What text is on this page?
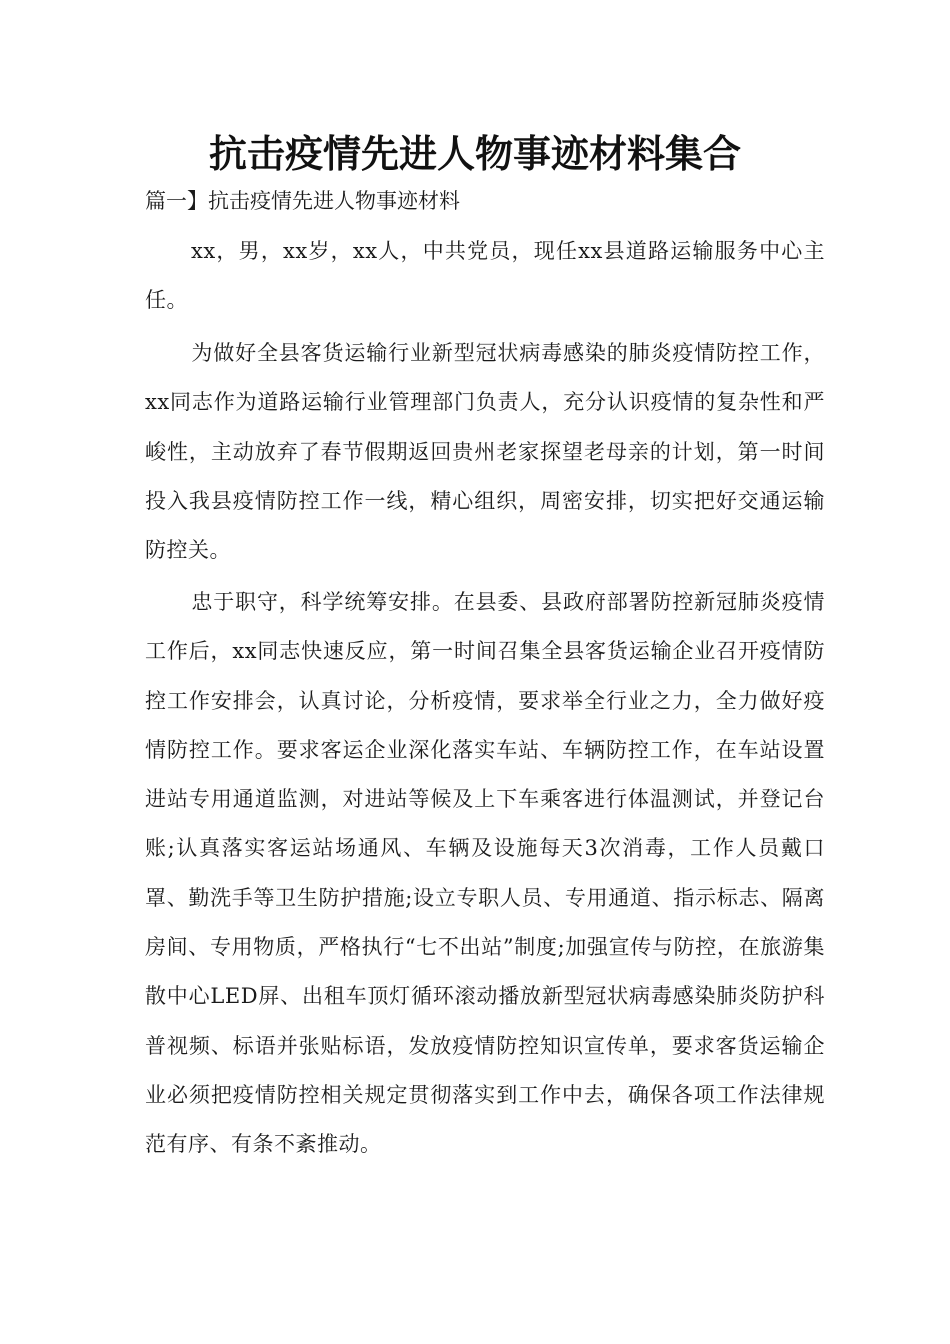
抗击疫情先进人物事迹材料集合
篇一】抗击疫情先进人物事迹材料

xx，男，xx岁，xx人，中共党员，现任xx县道路运输服务中心主任。

为做好全县客货运输行业新型冠状病毒感染的肺炎疫情防控工作，xx同志作为道路运输行业管理部门负责人，充分认识疫情的复杂性和严峻性，主动放弃了春节假期返回贵州老家探望老母亲的计划，第一时间投入我县疫情防控工作一线，精心组织，周密安排，切实把好交通运输防控关。

忠于职守，科学统筹安排。在县委、县政府部署防控新冠肺炎疫情工作后，xx同志快速反应，第一时间召集全县客货运输企业召开疫情防控工作安排会，认真讨论，分析疫情，要求举全行业之力，全力做好疫情防控工作。要求客运企业深化落实车站、车辆防控工作，在车站设置进站专用通道监测，对进站等候及上下车乘客进行体温测试，并登记台账;认真落实客运站场通风、车辆及设施每天3次消毒，工作人员戴口罩、勤洗手等卫生防护措施;设立专职人员、专用通道、指示标志、隔离房间、专用物质，严格执行“七不出站”制度;加强宣传与防控，在旅游集散中心LED屏、出租车顶灯循环滚动播放新型冠状病毒感染肺炎防护科普视频、标语并张贴标语，发放疫情防控知识宣传单，要求客货运输企业必须把疫情防控相关规定贯彻落实到工作中去，确保各项工作法律规范有序、有条不紊推动。
